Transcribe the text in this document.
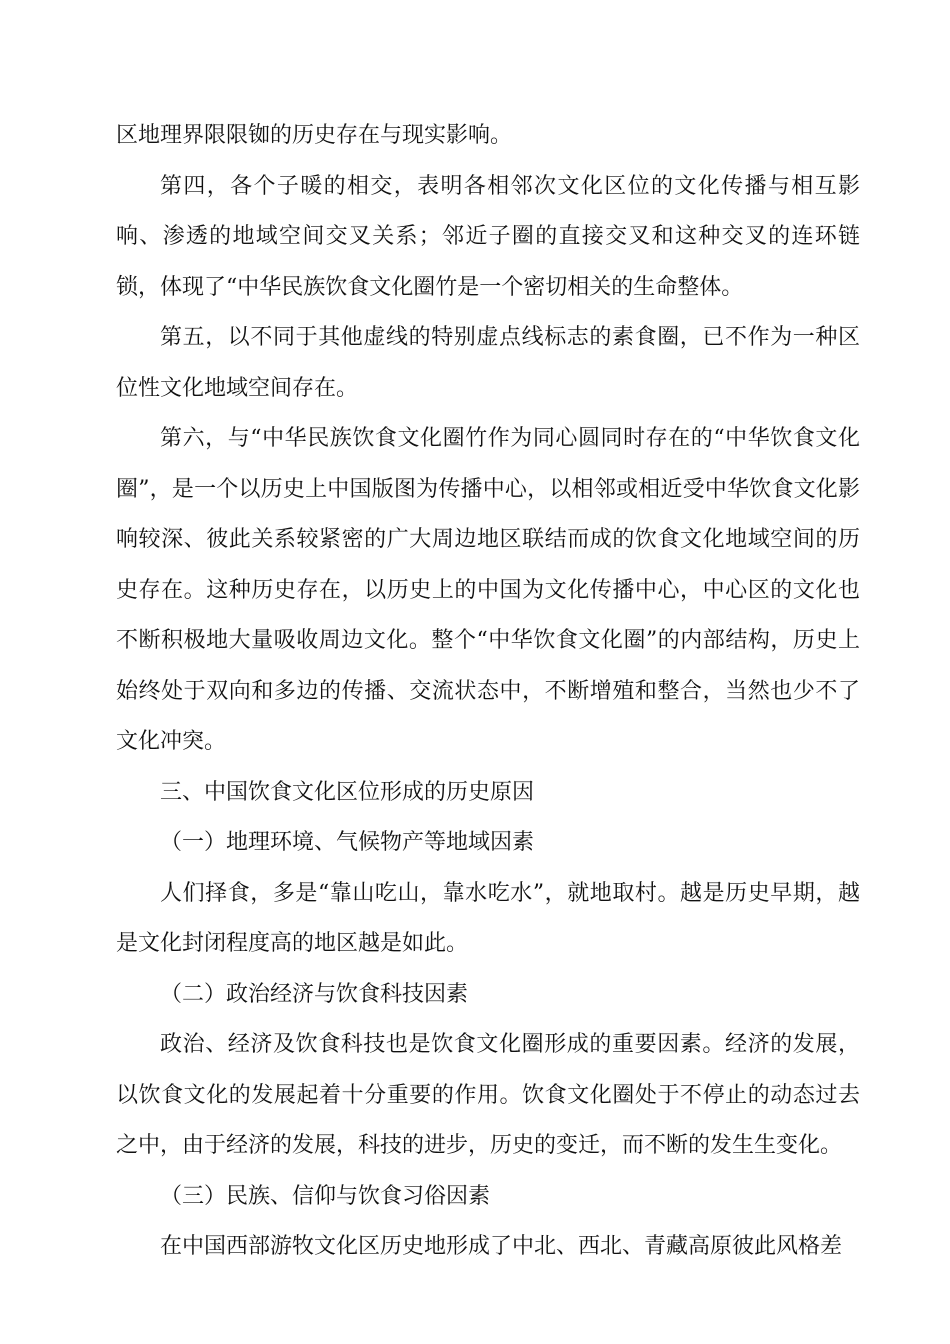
区地理界限限铷的历史存在与现实影响。

第四，各个子暖的相交，表明各相邻次文化区位的文化传播与相互影响、渗透的地域空间交叉关系；邻近子圈的直接交叉和这种交叉的连环链锁，体现了“中华民族饮食文化圈竹是一个密切相关的生命整体。

第五，以不同于其他虚线的特别虚点线标志的素食圈，已不作为一种区位性文化地域空间存在。

第六，与“中华民族饮食文化圈竹作为同心圆同时存在的“中华饮食文化圈”，是一个以历史上中国版图为传播中心，以相邻或相近受中华饮食文化影响较深、彼此关系较紧密的广大周边地区联结而成的饮食文化地域空间的历史存在。这种历史存在，以历史上的中国为文化传播中心，中心区的文化也不断积极地大量吸收周边文化。整个“中华饮食文化圈”的内部结构，历史上始终处于双向和多边的传播、交流状态中，不断增殖和整合，当然也少不了文化冲突。

三、中国饮食文化区位形成的历史原因

（一）地理环境、气候物产等地域因素

人们择食，多是“靠山吃山，靠水吃水”，就地取村。越是历史早期，越是文化封闭程度高的地区越是如此。

（二）政治经济与饮食科技因素

政治、经济及饮食科技也是饮食文化圈形成的重要因素。经济的发展，以饮食文化的发展起着十分重要的作用。饮食文化圈处于不停止的动态过去之中，由于经济的发展，科技的进步，历史的变迁，而不断的发生生变化。

（三）民族、信仰与饮食习俗因素

在中国西部游牧文化区历史地形成了中北、西北、青藏高原彼此风格差
